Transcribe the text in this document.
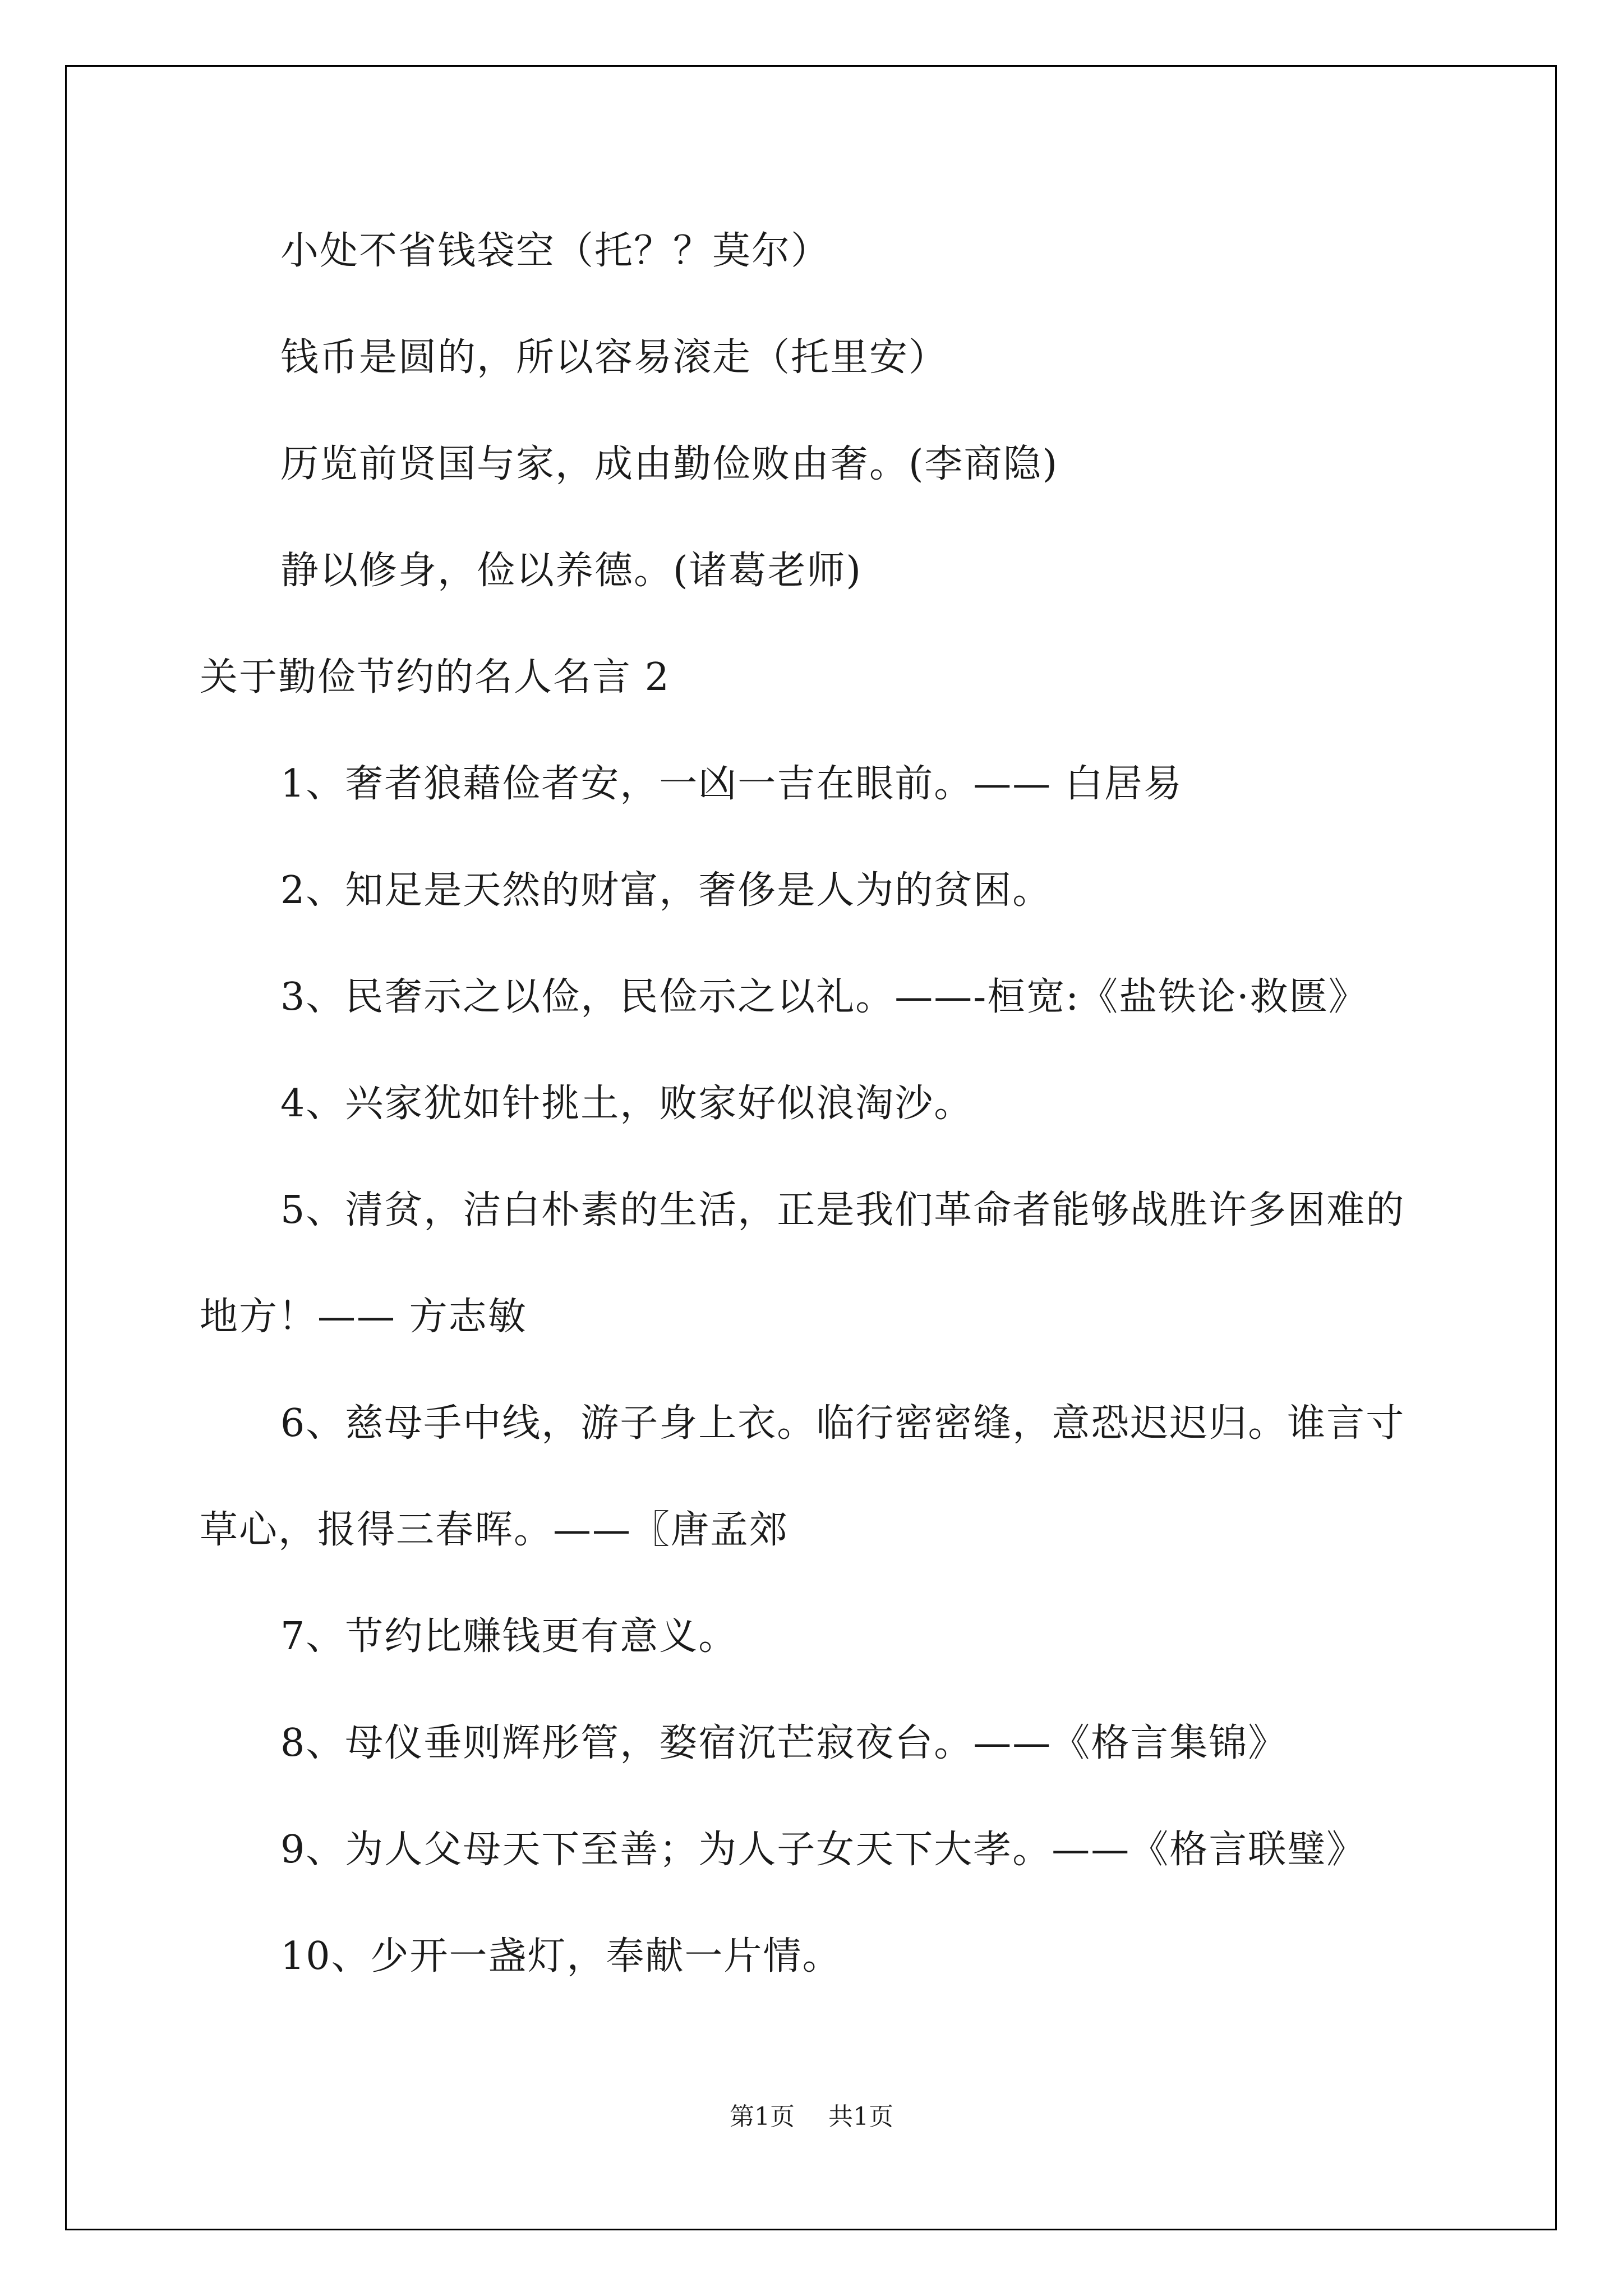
小处不省钱袋空（托？？莫尔）
钱币是圆的，所以容易滚走（托里安）
历览前贤国与家，成由勤俭败由奢。(李商隐)
静以修身，俭以养德。(诸葛老师)
关于勤俭节约的名人名言 2
1、奢者狼藉俭者安，一凶一吉在眼前。—— 白居易
2、知足是天然的财富，奢侈是人为的贫困。
3、民奢示之以俭，民俭示之以礼。——-桓宽:《盐铁论·救匮》
4、兴家犹如针挑土，败家好似浪淘沙。
5、清贫，洁白朴素的生活，正是我们革命者能够战胜许多困难的
地方！—— 方志敏
6、慈母手中线，游子身上衣。临行密密缝，意恐迟迟归。谁言寸
草心，报得三春晖。——〖唐孟郊
7、节约比赚钱更有意义。
8、母仪垂则辉彤管，婺宿沉芒寂夜台。——《格言集锦》
9、为人父母天下至善；为人子女天下大孝。——《格言联璧》
10、少开一盏灯，奉献一片情。
第1页 共1页
